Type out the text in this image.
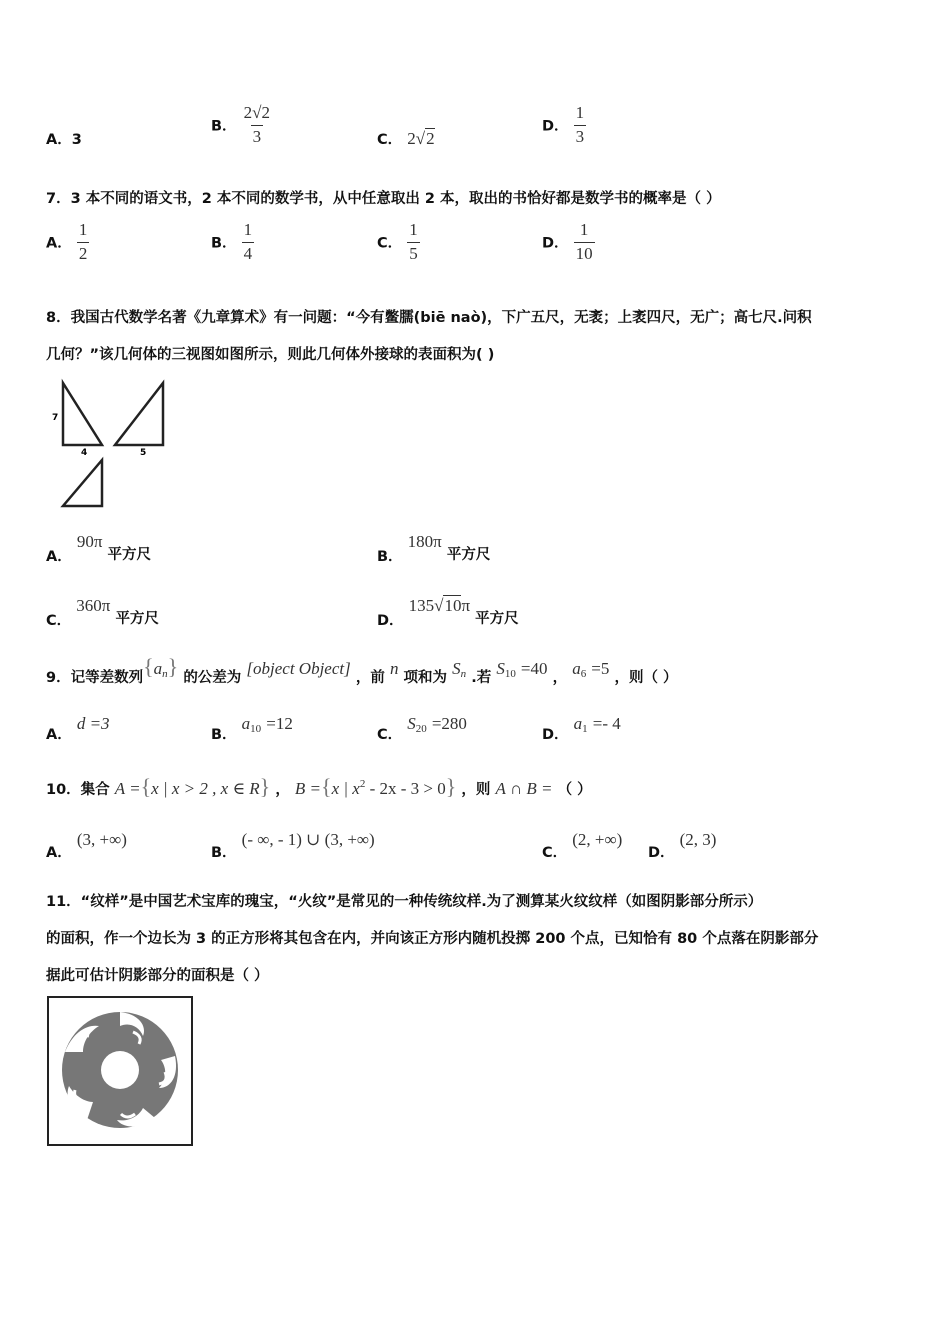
A．3
B． $\frac{2√2}{3}$	C． 2√2
D． $\frac{1}{3}$
7．3 本不同的语文书，2 本不同的数学书，从中任意取出 2 本，取出的书恰好都是数学书的概率是（ ）
A． $\frac{1}{2}$	B． $\frac{1}{4}$	C． $\frac{1}{5}$	D． $\frac{1}{10}$
8．我国古代数学名著《九章算术》有一问题：“今有鳖臑(biē naò)，下广五尺，无袤；上袤四尺，无广；高七尺.问积
几何？”该几何体的三视图如图所示，则此几何体外接球的表面积为( )
7
4	5
A． 90π 平方尺	B． 180π 平方尺
C． 360π 平方尺	D． 135√10π 平方尺
9．记等差数列$\{a_n\}$ 的公差为 [object Object] ，前 n 项和为 $S_n$ .若 $S_{10} =40$ ， $a_6 =5$ ，则（ ）
A． d =3
B． $a_{10} =12$
C． $S_{20} =280$
D． $a_1 =- 4$
10．集合 A ={x | x > 2 , x ∈ R} ， B ={x | $x^2 - 2x - 3 > 0$} ，则 A ∩ B = （ ）
A． (3, +∞)
B． (- ∞, - 1) ∪ (3, +∞)
C． (2, +∞)
D． (2, 3)
11．“纹样”是中国艺术宝库的瑰宝，“火纹”是常见的一种传统纹样.为了测算某火纹纹样（如图阴影部分所示）
的面积，作一个边长为 3 的正方形将其包含在内，并向该正方形内随机投掷 200 个点，已知恰有 80 个点落在阴影部分
据此可估计阴影部分的面积是（ ）
